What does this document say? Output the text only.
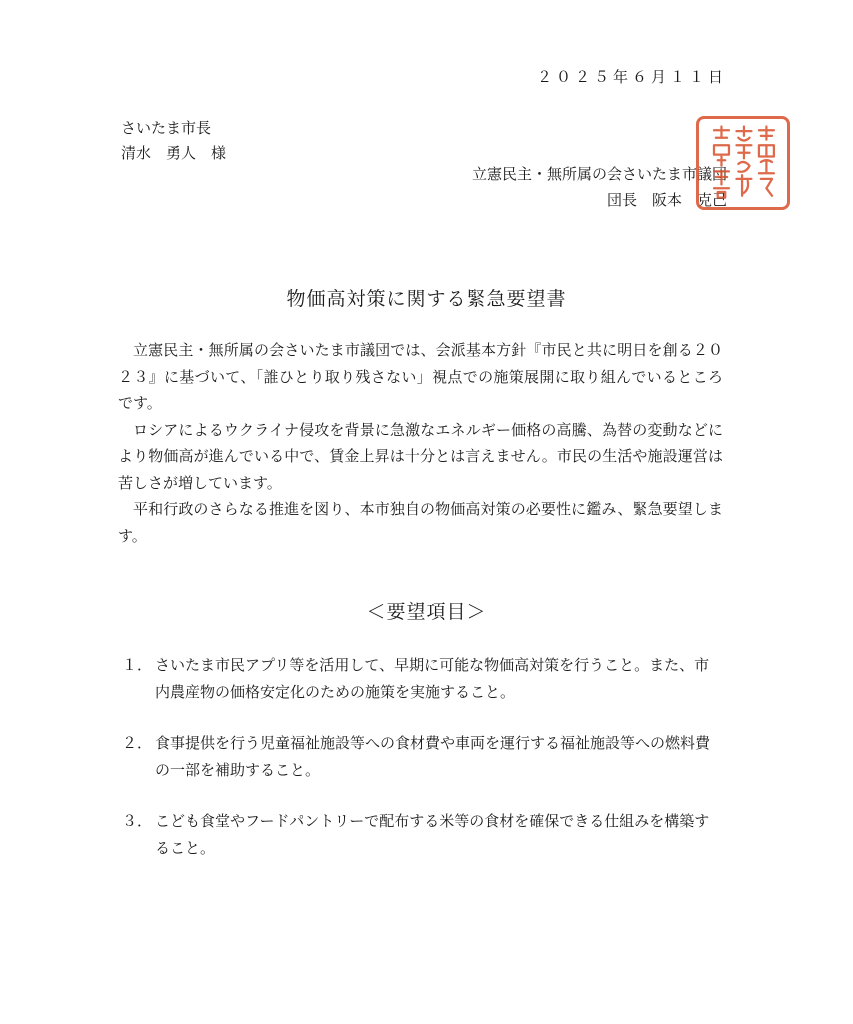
２０２５年６月１１日
さいたま市長
清水　勇人　様
立憲民主・無所属の会さいたま市議団
団長　阪本　克己
物価高対策に関する緊急要望書

立憲民主・無所属の会さいたま市議団では、会派基本方針『市民と共に明日を創る２０２３』に基づいて、「誰ひとり取り残さない」視点での施策展開に取り組んでいるところです。

ロシアによるウクライナ侵攻を背景に急激なエネルギー価格の高騰、為替の変動などにより物価高が進んでいる中で、賃金上昇は十分とは言えません。市民の生活や施設運営は苦しさが増しています。

平和行政のさらなる推進を図り、本市独自の物価高対策の必要性に鑑み、緊急要望します。

＜要望項目＞
１． さいたま市民アプリ等を活用して、早期に可能な物価高対策を行うこと。また、市内農産物の価格安定化のための施策を実施すること。
２． 食事提供を行う児童福祉施設等への食材費や車両を運行する福祉施設等への燃料費の一部を補助すること。
３． こども食堂やフードパントリーで配布する米等の食材を確保できる仕組みを構築すること。
